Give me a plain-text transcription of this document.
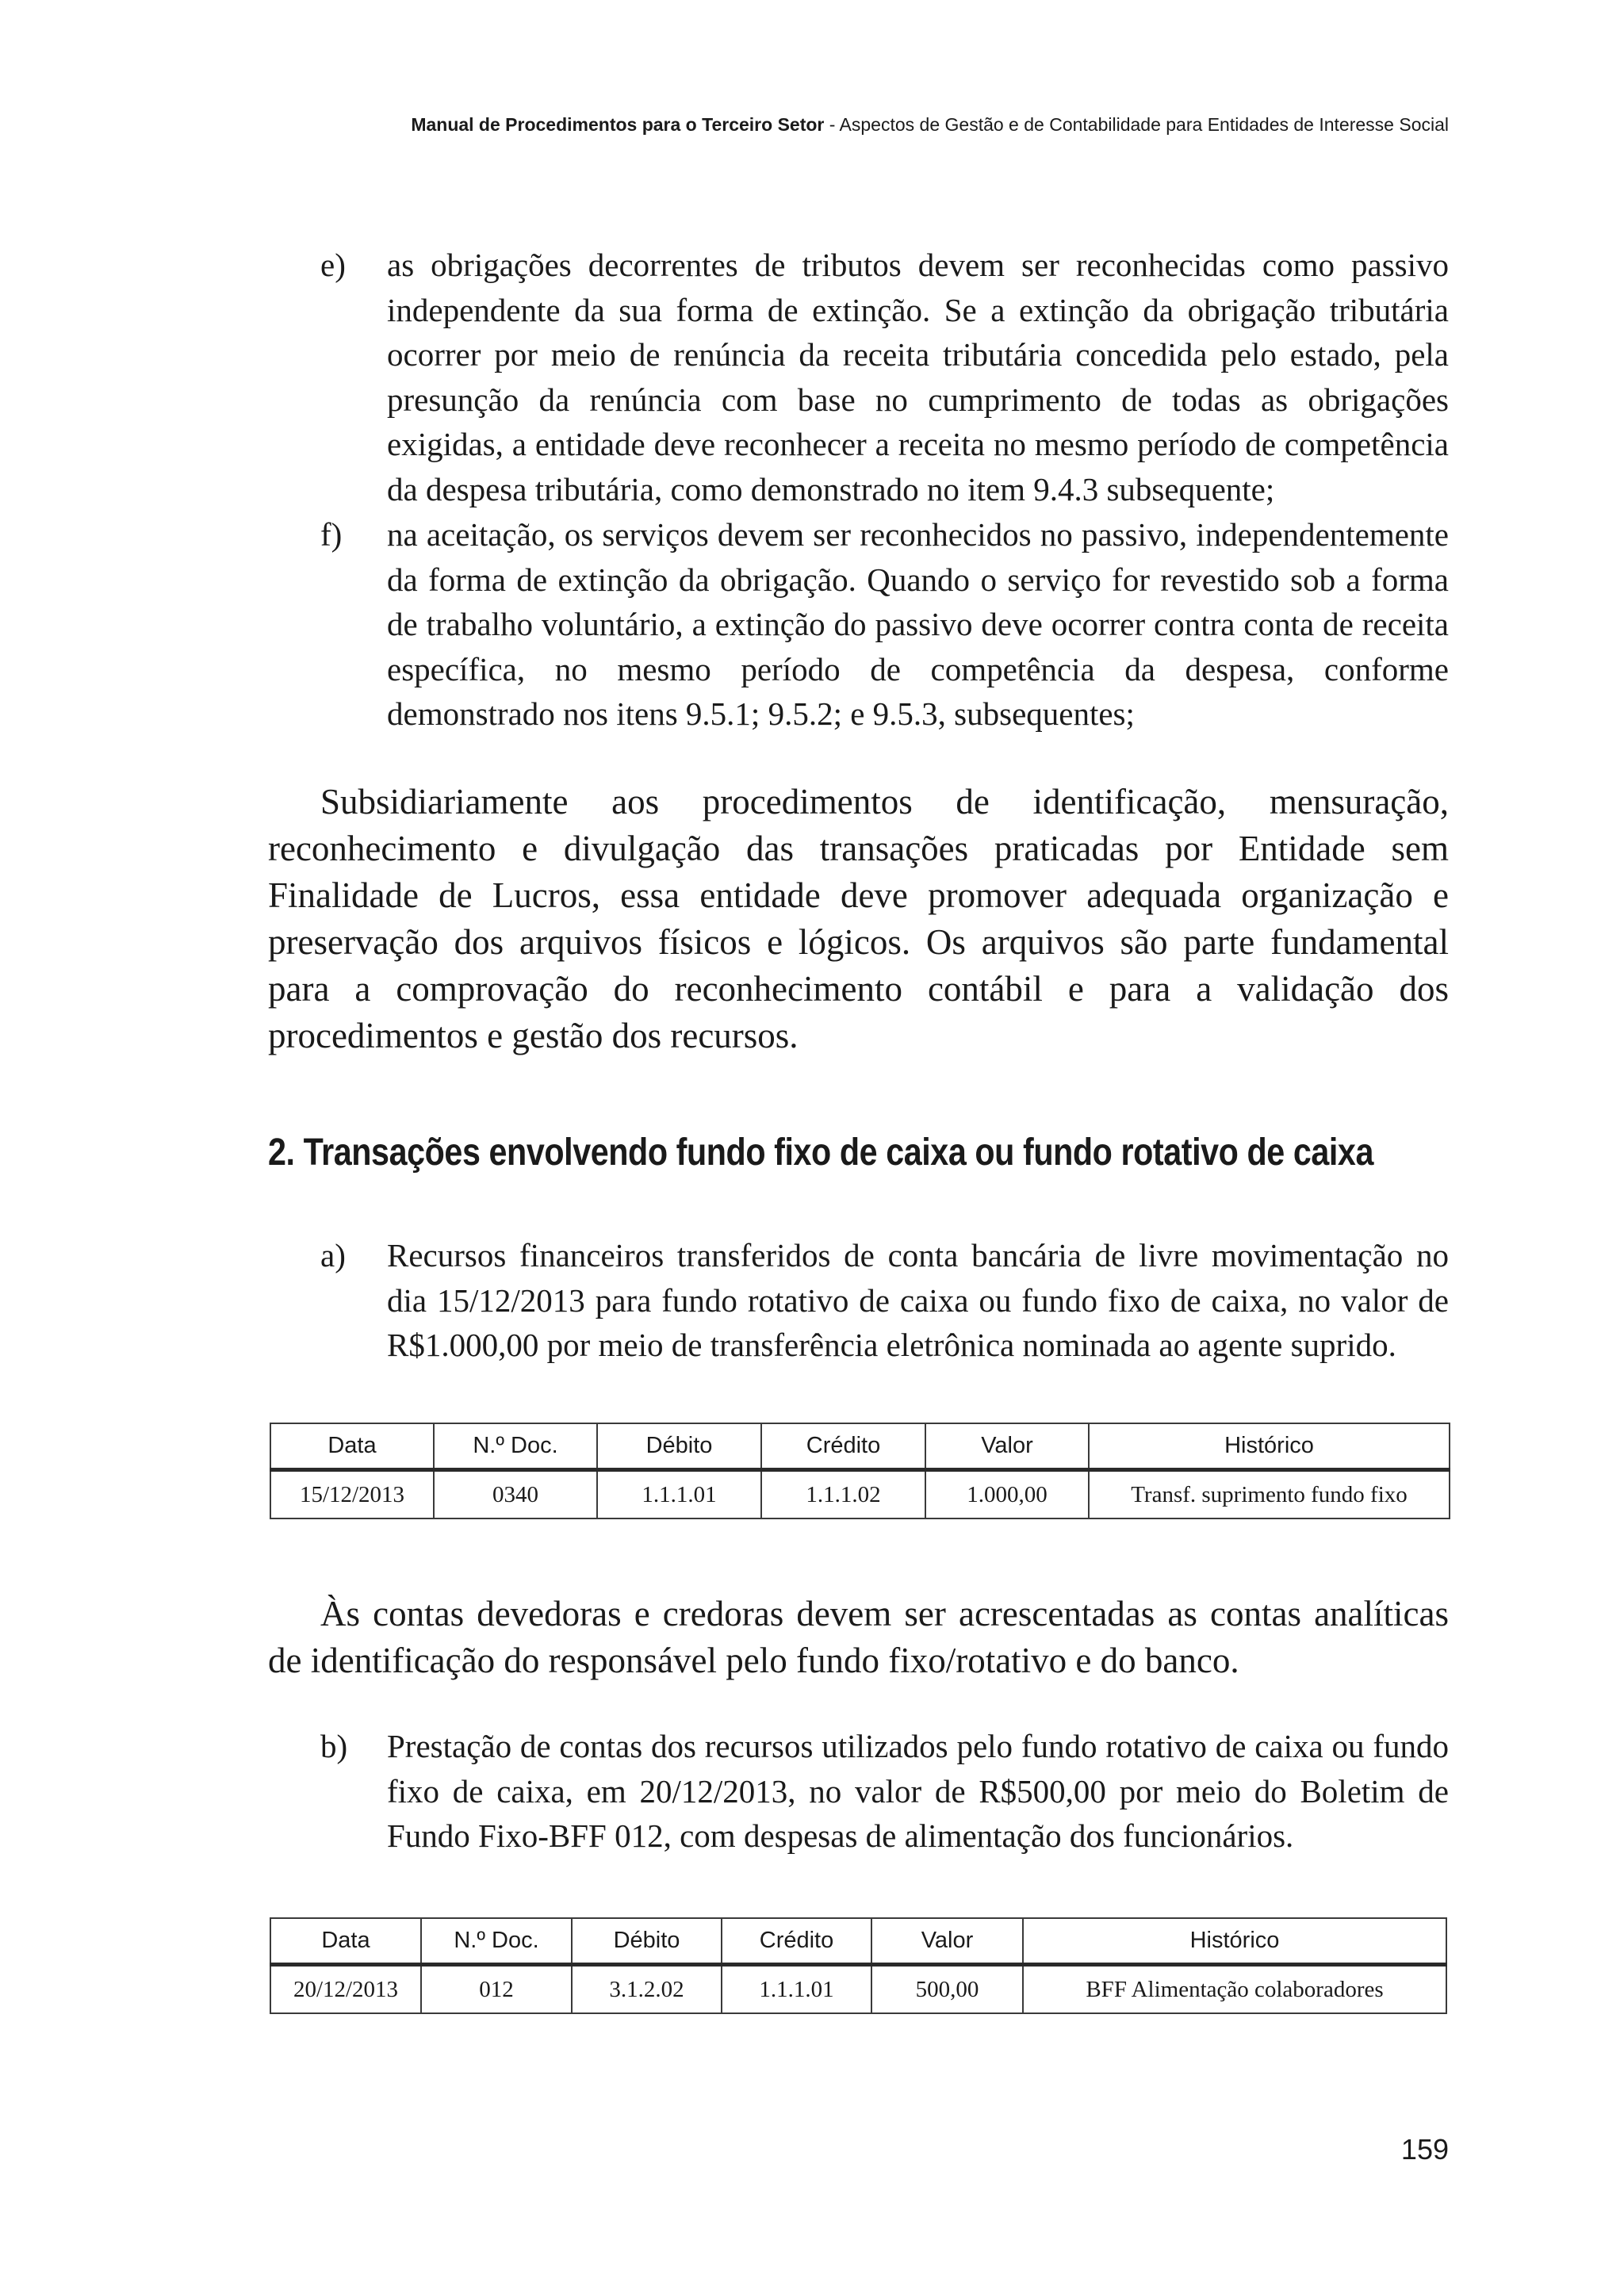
Manual de Procedimentos para o Terceiro Setor - Aspectos de Gestão e de Contabilidade para Entidades de Interesse Social
e) as obrigações decorrentes de tributos devem ser reconhecidas como passivo independente da sua forma de extinção. Se a extinção da obrigação tributária ocorrer por meio de renúncia da receita tributária concedida pelo estado, pela presunção da renúncia com base no cumprimento de todas as obrigações exigidas, a entidade deve reconhecer a receita no mesmo período de competência da despesa tributária, como demonstrado no item 9.4.3 subsequente;
f) na aceitação, os serviços devem ser reconhecidos no passivo, independentemente da forma de extinção da obrigação. Quando o serviço for revestido sob a forma de trabalho voluntário, a extinção do passivo deve ocorrer contra conta de receita específica, no mesmo período de competência da despesa, conforme demonstrado nos itens 9.5.1; 9.5.2; e 9.5.3, subsequentes;
Subsidiariamente aos procedimentos de identificação, mensuração, reconhecimento e divulgação das transações praticadas por Entidade sem Finalidade de Lucros, essa entidade deve promover adequada organização e preservação dos arquivos físicos e lógicos. Os arquivos são parte fundamental para a comprovação do reconhecimento contábil e para a validação dos procedimentos e gestão dos recursos.
2. Transações envolvendo fundo fixo de caixa ou fundo rotativo de caixa
a) Recursos financeiros transferidos de conta bancária de livre movimentação no dia 15/12/2013 para fundo rotativo de caixa ou fundo fixo de caixa, no valor de R$1.000,00 por meio de transferência eletrônica nominada ao agente suprido.
Data	N.º Doc.	Débito	Crédito	Valor	Histórico
15/12/2013	0340	1.1.1.01	1.1.1.02	1.000,00	Transf. suprimento fundo fixo
Às contas devedoras e credoras devem ser acrescentadas as contas analíticas de identificação do responsável pelo fundo fixo/rotativo e do banco.
b) Prestação de contas dos recursos utilizados pelo fundo rotativo de caixa ou fundo fixo de caixa, em 20/12/2013, no valor de R$500,00 por meio do Boletim de Fundo Fixo-BFF 012, com despesas de alimentação dos funcionários.
Data	N.º Doc.	Débito	Crédito	Valor	Histórico
20/12/2013	012	3.1.2.02	1.1.1.01	500,00	BFF Alimentação colaboradores
159
